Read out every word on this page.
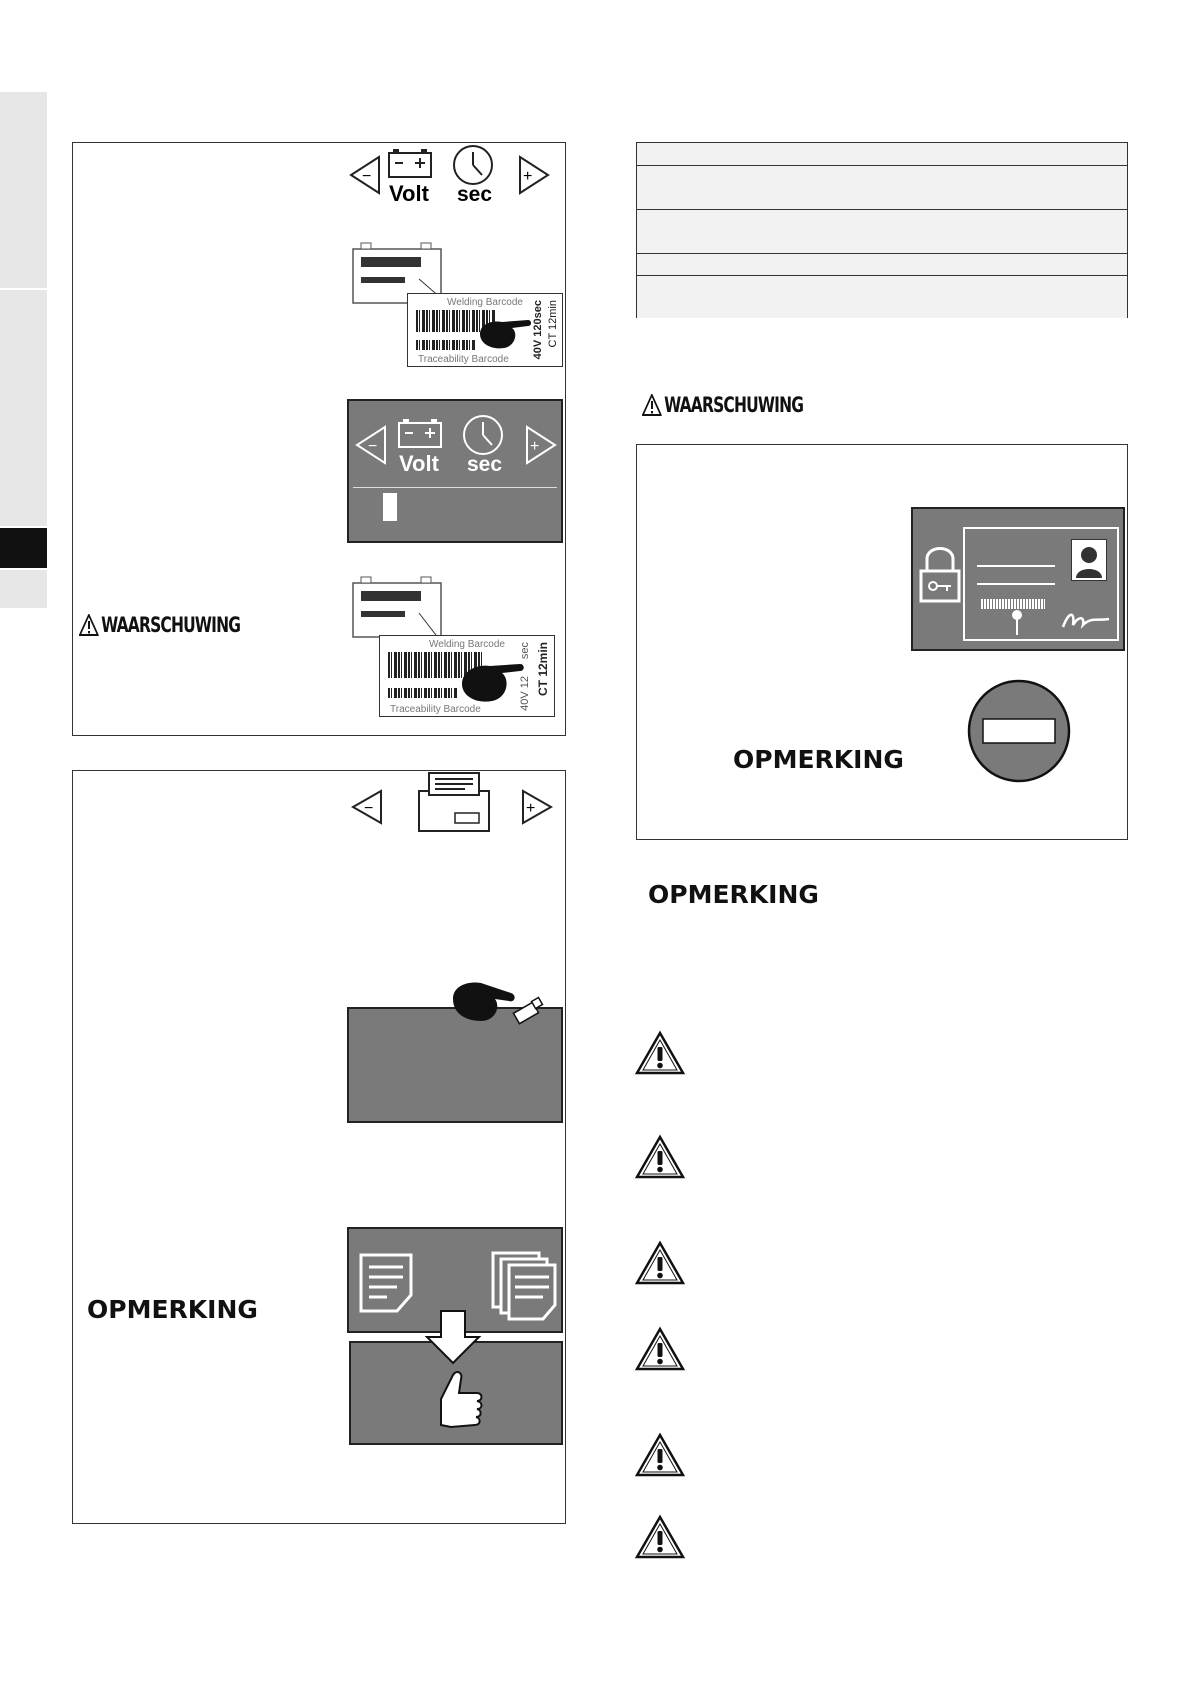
−
Volt sec
+
Welding Barcode
Traceability Barcode
40V 120sec CT 12min
−
Volt sec
+
WAARSCHUWING
Welding Barcode
Traceability Barcode	40V 12
sec CT 12min
−	+
OPMERKING
WAARSCHUWING
OPMERKING
OPMERKING
